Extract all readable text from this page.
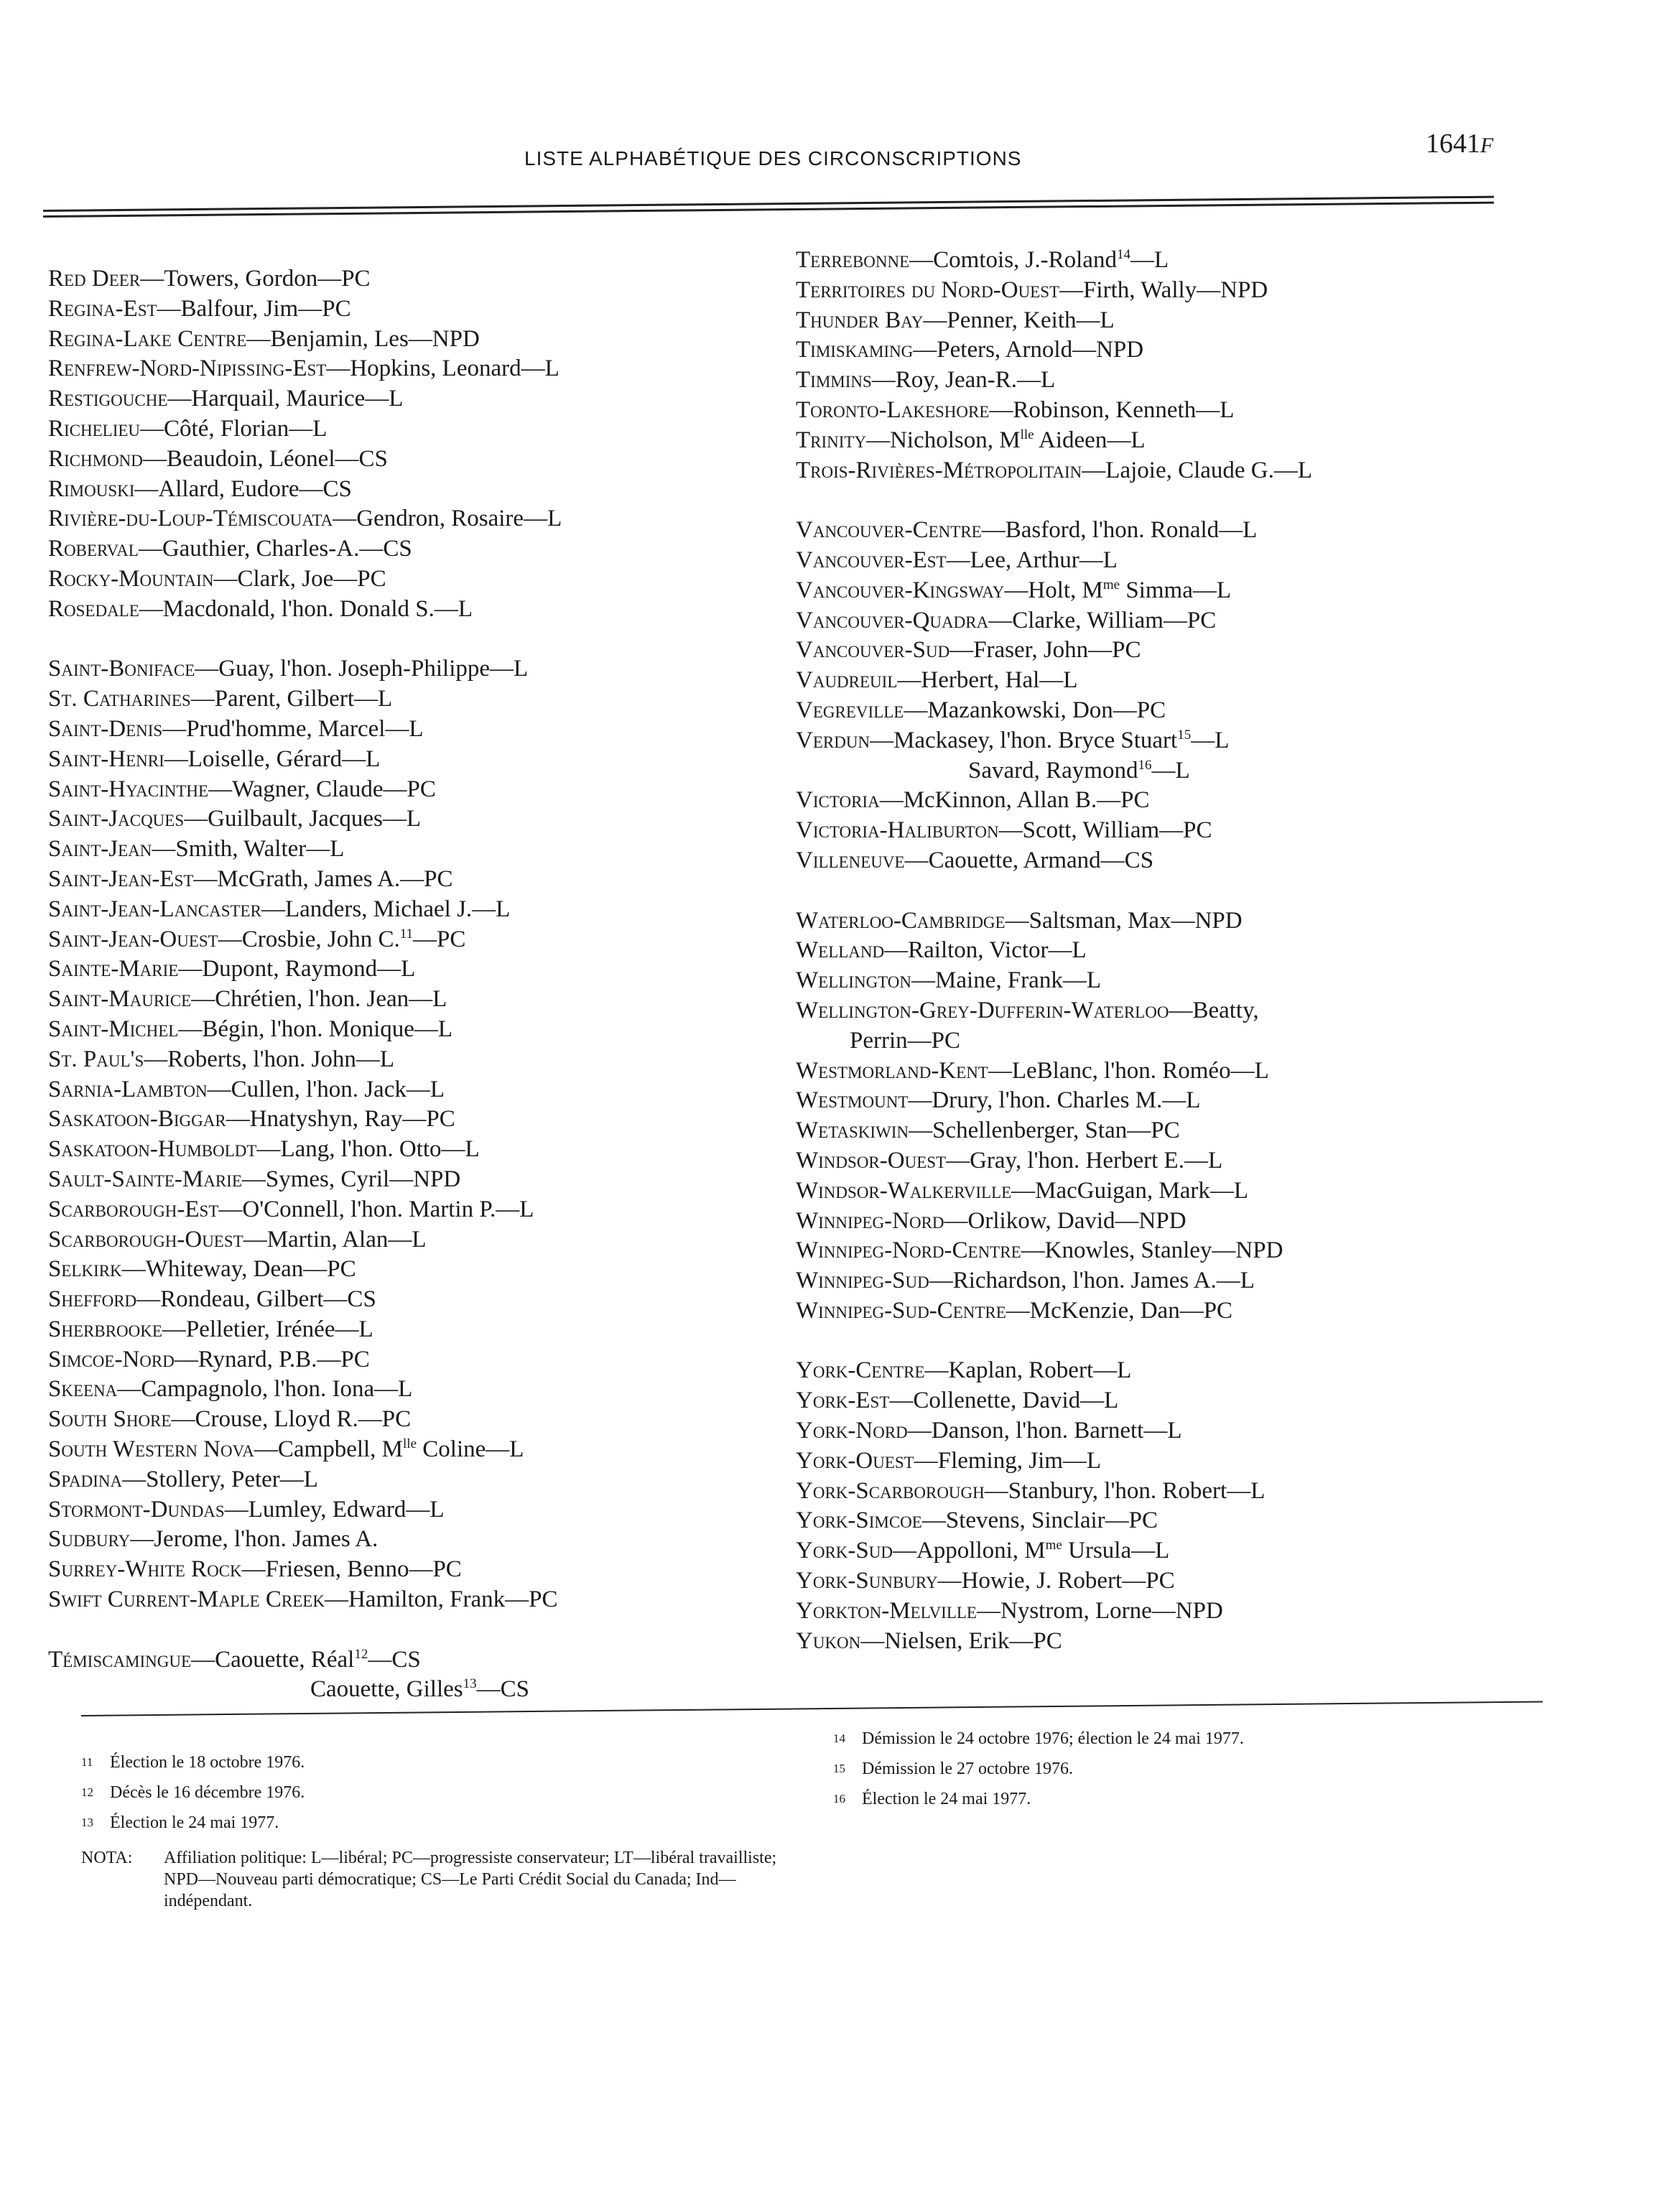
LISTE ALPHABÉTIQUE DES CIRCONSCRIPTIONS	1641F
Red Deer—Towers, Gordon—PC
Regina-Est—Balfour, Jim—PC
Regina-Lake Centre—Benjamin, Les—NPD
Renfrew-Nord-Nipissing-Est—Hopkins, Leonard—L
Restigouche—Harquail, Maurice—L
Richelieu—Côté, Florian—L
Richmond—Beaudoin, Léonel—CS
Rimouski—Allard, Eudore—CS
Rivière-du-Loup-Témiscouata—Gendron, Rosaire—L
Roberval—Gauthier, Charles-A.—CS
Rocky-Mountain—Clark, Joe—PC
Rosedale—Macdonald, l'hon. Donald S.—L
Saint-Boniface—Guay, l'hon. Joseph-Philippe—L
St. Catharines—Parent, Gilbert—L
Saint-Denis—Prud'homme, Marcel—L
Saint-Henri—Loiselle, Gérard—L
Saint-Hyacinthe—Wagner, Claude—PC
Saint-Jacques—Guilbault, Jacques—L
Saint-Jean—Smith, Walter—L
Saint-Jean-Est—McGrath, James A.—PC
Saint-Jean-Lancaster—Landers, Michael J.—L
Saint-Jean-Ouest—Crosbie, John C.$^{11}$—PC
Sainte-Marie—Dupont, Raymond—L
Saint-Maurice—Chrétien, l'hon. Jean—L
Saint-Michel—Bégin, l'hon. Monique—L
St. Paul's—Roberts, l'hon. John—L
Sarnia-Lambton—Cullen, l'hon. Jack—L
Saskatoon-Biggar—Hnatyshyn, Ray—PC
Saskatoon-Humboldt—Lang, l'hon. Otto—L
Sault-Sainte-Marie—Symes, Cyril—NPD
Scarborough-Est—O'Connell, l'hon. Martin P.—L
Scarborough-Ouest—Martin, Alan—L
Selkirk—Whiteway, Dean—PC
Shefford—Rondeau, Gilbert—CS
Sherbrooke—Pelletier, Irénée—L
Simcoe-Nord—Rynard, P.B.—PC
Skeena—Campagnolo, l'hon. Iona—L
South Shore—Crouse, Lloyd R.—PC
South Western Nova—Campbell, $M^{lle}$ Coline—L
Spadina—Stollery, Peter—L
Stormont-Dundas—Lumley, Edward—L
Sudbury—Jerome, l'hon. James A.
Surrey-White Rock—Friesen, Benno—PC
Swift Current-Maple Creek—Hamilton, Frank—PC
Témiscamingue—Caouette, Réal$^{12}$—CS
Caouette, Gilles$^{13}$—CS
Terrebonne—Comtois, J.-Roland$^{14}$—L
Territoires du Nord-Ouest—Firth, Wally—NPD
Thunder Bay—Penner, Keith—L
Timiskaming—Peters, Arnold—NPD
Timmins—Roy, Jean-R.—L
Toronto-Lakeshore—Robinson, Kenneth—L
Trinity—Nicholson, $M^{lle}$ Aideen—L
Trois-Rivières-Métropolitain—Lajoie, Claude G.—L
Vancouver-Centre—Basford, l'hon. Ronald—L
Vancouver-Est—Lee, Arthur—L
Vancouver-Kingsway—Holt, $M^{me}$ Simma—L
Vancouver-Quadra—Clarke, William—PC
Vancouver-Sud—Fraser, John—PC
Vaudreuil—Herbert, Hal—L
Vegreville—Mazankowski, Don—PC
Verdun—Mackasey, l'hon. Bryce Stuart$^{15}$—L
Savard, Raymond$^{16}$—L
Victoria—McKinnon, Allan B.—PC
Victoria-Haliburton—Scott, William—PC
Villeneuve—Caouette, Armand—CS
Waterloo-Cambridge—Saltsman, Max—NPD
Welland—Railton, Victor—L
Wellington—Maine, Frank—L
Wellington-Grey-Dufferin-Waterloo—Beatty,
Perrin—PC
Westmorland-Kent—LeBlanc, l'hon. Roméo—L
Westmount—Drury, l'hon. Charles M.—L
Wetaskiwin—Schellenberger, Stan—PC
Windsor-Ouest—Gray, l'hon. Herbert E.—L
Windsor-Walkerville—MacGuigan, Mark—L
Winnipeg-Nord—Orlikow, David—NPD
Winnipeg-Nord-Centre—Knowles, Stanley—NPD
Winnipeg-Sud—Richardson, l'hon. James A.—L
Winnipeg-Sud-Centre—McKenzie, Dan—PC
York-Centre—Kaplan, Robert—L
York-Est—Collenette, David—L
York-Nord—Danson, l'hon. Barnett—L
York-Ouest—Fleming, Jim—L
York-Scarborough—Stanbury, l'hon. Robert—L
York-Simcoe—Stevens, Sinclair—PC
York-Sud—Appolloni, $M^{me}$ Ursula—L
York-Sunbury—Howie, J. Robert—PC
Yorkton-Melville—Nystrom, Lorne—NPD
Yukon—Nielsen, Erik—PC
11 Élection le 18 octobre 1976.
12 Décès le 16 décembre 1976.
13 Élection le 24 mai 1977.
14 Démission le 24 octobre 1976; élection le 24 mai 1977.
15 Démission le 27 octobre 1976.
16 Élection le 24 mai 1977.
NOTA: Affiliation politique: L—libéral; PC—progressiste conservateur; LT—libéral travailliste; NPD—Nouveau parti démocratique; CS—Le Parti Crédit Social du Canada; Ind—indépendant.
